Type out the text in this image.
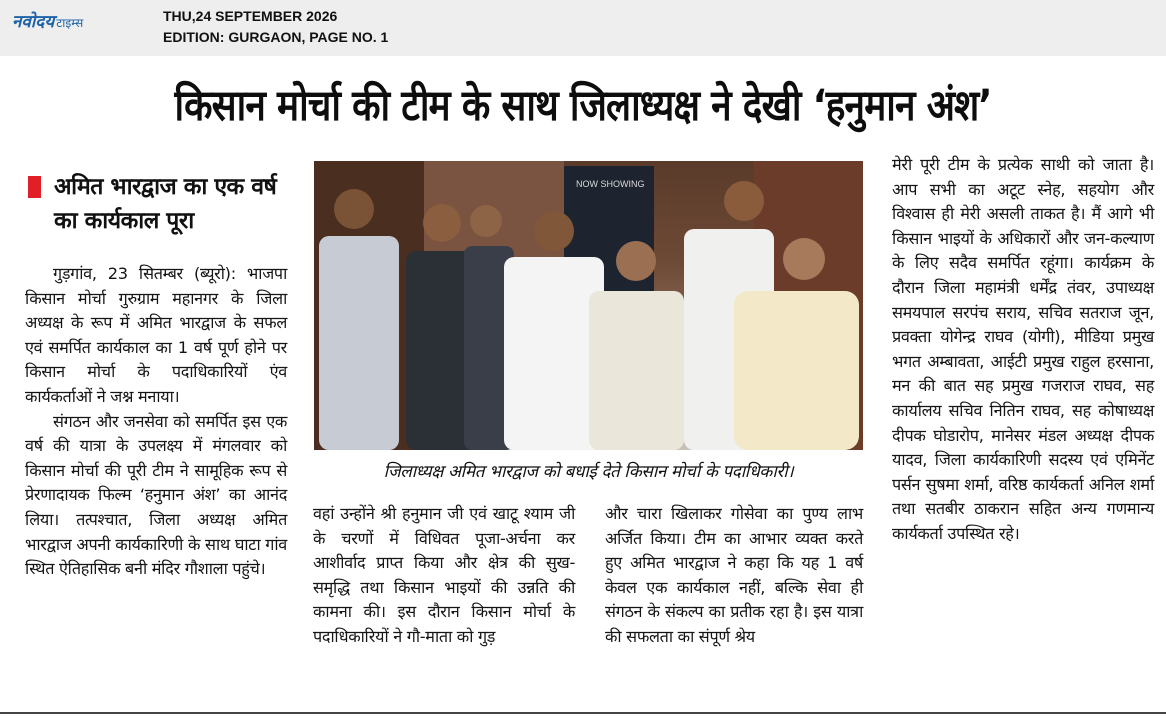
नवोदय टाइम्स	THU,24 SEPTEMBER 2026
EDITION: GURGAON, PAGE NO. 1
किसान मोर्चा की टीम के साथ जिलाध्यक्ष ने देखी ‘हनुमान अंश’
अमित भारद्वाज का एक वर्ष का कार्यकाल पूरा

गुड़गांव, 23 सितम्बर (ब्यूरो): भाजपा किसान मोर्चा गुरुग्राम महानगर के जिला अध्यक्ष के रूप में अमित भारद्वाज के सफल एवं समर्पित कार्यकाल का 1 वर्ष पूर्ण होने पर किसान मोर्चा के पदाधिकारियों एंव कार्यकर्ताओं ने जश्न मनाया।

संगठन और जनसेवा को समर्पित इस एक वर्ष की यात्रा के उपलक्ष्य में मंगलवार को किसान मोर्चा की पूरी टीम ने सामूहिक रूप से प्रेरणादायक फिल्म ‘हनुमान अंश’ का आनंद लिया। तत्पश्चात, जिला अध्यक्ष अमित भारद्वाज अपनी कार्यकारिणी के साथ घाटा गांव स्थित ऐतिहासिक बनी मंदिर गौशाला पहुंचे।

NOW SHOWING
जिलाध्यक्ष अमित भारद्वाज को बधाई देते किसान मोर्चा के पदाधिकारी।

वहां उन्होंने श्री हनुमान जी एवं खाटू श्याम जी के चरणों में विधिवत पूजा-अर्चना कर आशीर्वाद प्राप्त किया और क्षेत्र की सुख-समृद्धि तथा किसान भाइयों की उन्नति की कामना की। इस दौरान किसान मोर्चा के पदाधिकारियों ने गौ-माता को गुड़

और चारा खिलाकर गोसेवा का पुण्य लाभ अर्जित किया। टीम का आभार व्यक्त करते हुए अमित भारद्वाज ने कहा कि यह 1 वर्ष केवल एक कार्यकाल नहीं, बल्कि सेवा ही संगठन के संकल्प का प्रतीक रहा है। इस यात्रा की सफलता का संपूर्ण श्रेय

मेरी पूरी टीम के प्रत्येक साथी को जाता है। आप सभी का अटूट स्नेह, सहयोग और विश्वास ही मेरी असली ताकत है। मैं आगे भी किसान भाइयों के अधिकारों और जन-कल्याण के लिए सदैव समर्पित रहूंगा। कार्यक्रम के दौरान जिला महामंत्री धर्मेंद्र तंवर, उपाध्यक्ष समयपाल सरपंच सराय, सचिव सतराज जून, प्रवक्ता योगेन्द्र राघव (योगी), मीडिया प्रमुख भगत अम्बावता, आईटी प्रमुख राहुल हरसाना, मन की बात सह प्रमुख गजराज राघव, सह कार्यालय सचिव नितिन राघव, सह कोषाध्यक्ष दीपक घोडारोप, मानेसर मंडल अध्यक्ष दीपक यादव, जिला कार्यकारिणी सदस्य एवं एमिनेंट पर्सन सुषमा शर्मा, वरिष्ठ कार्यकर्ता अनिल शर्मा तथा सतबीर ठाकरान सहित अन्य गणमान्य कार्यकर्ता उपस्थित रहे।
